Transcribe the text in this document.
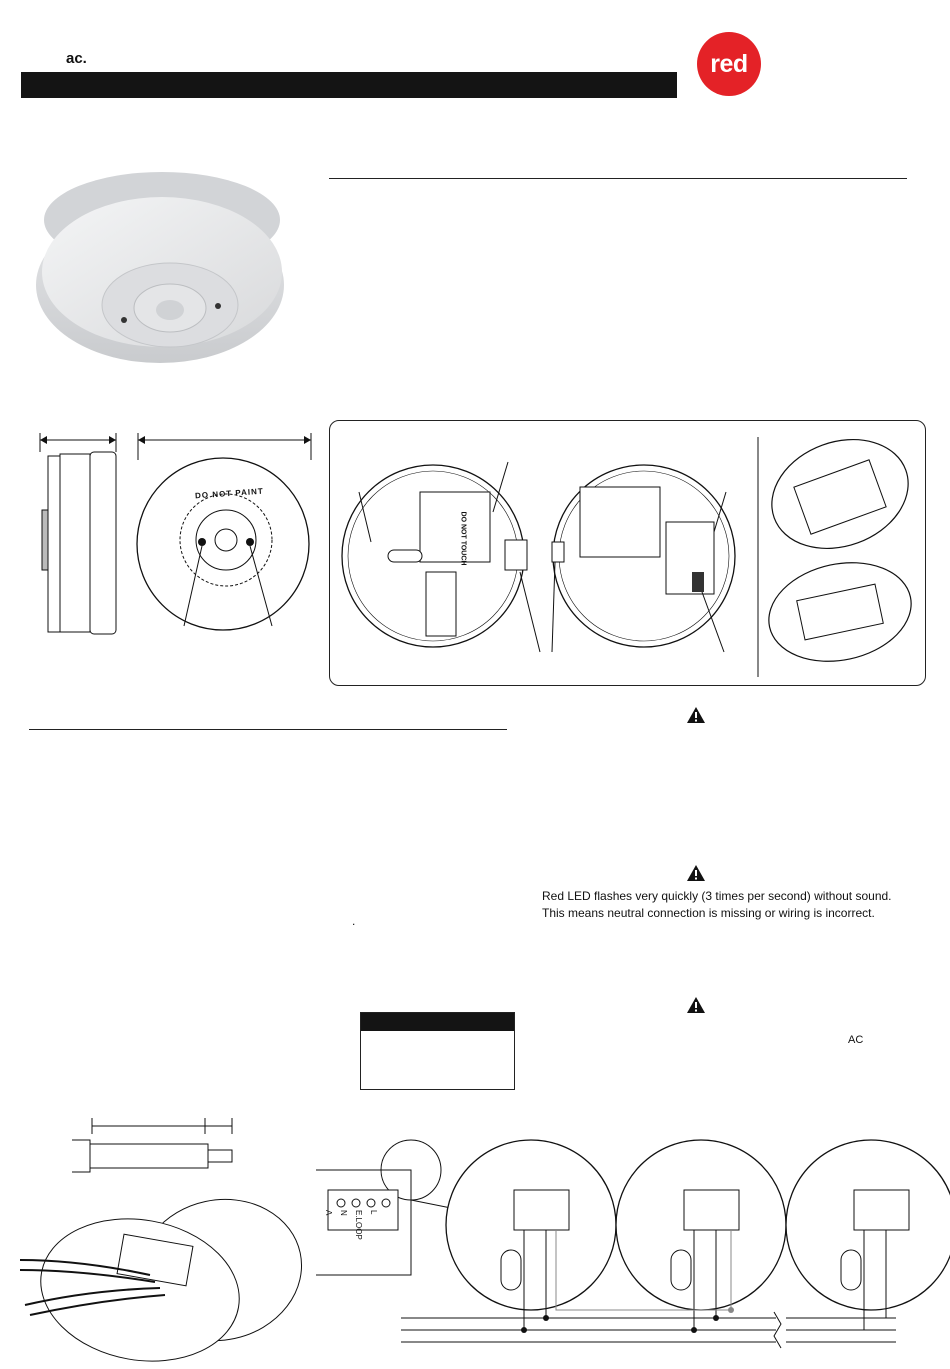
ac.	red
DO NOT PAINT
DO NOT TOUCH
Red LED flashes very quickly (3 times per second) without sound. This means neutral connection is missing or wiring is incorrect.
AC
.
A N E.LOOP L
